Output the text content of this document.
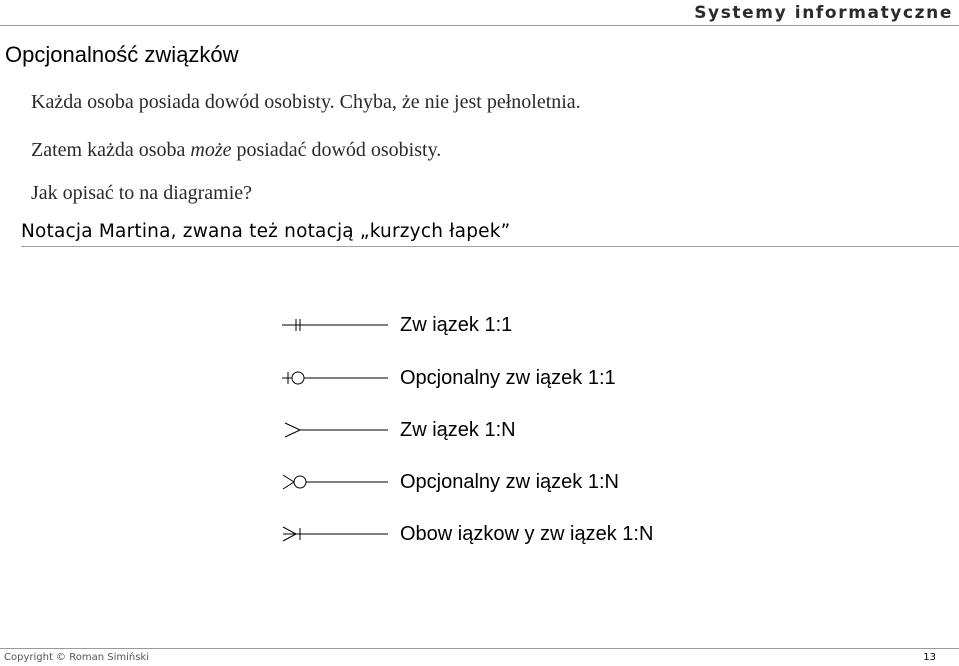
Systemy informatyczne
Opcjonalność związków
Każda osoba posiada dowód osobisty. Chyba, że nie jest pełnoletnia.
Zatem każda osoba może posiadać dowód osobisty.
Jak opisać to na diagramie?
Notacja Martina, zwana też notacją „kurzych łapek”
Zw iązek 1:1
Opcjonalny zw iązek 1:1
Zw iązek 1:N
Opcjonalny zw iązek 1:N
Obow iązkow y zw iązek 1:N
Copyright © Roman Simiński	13
